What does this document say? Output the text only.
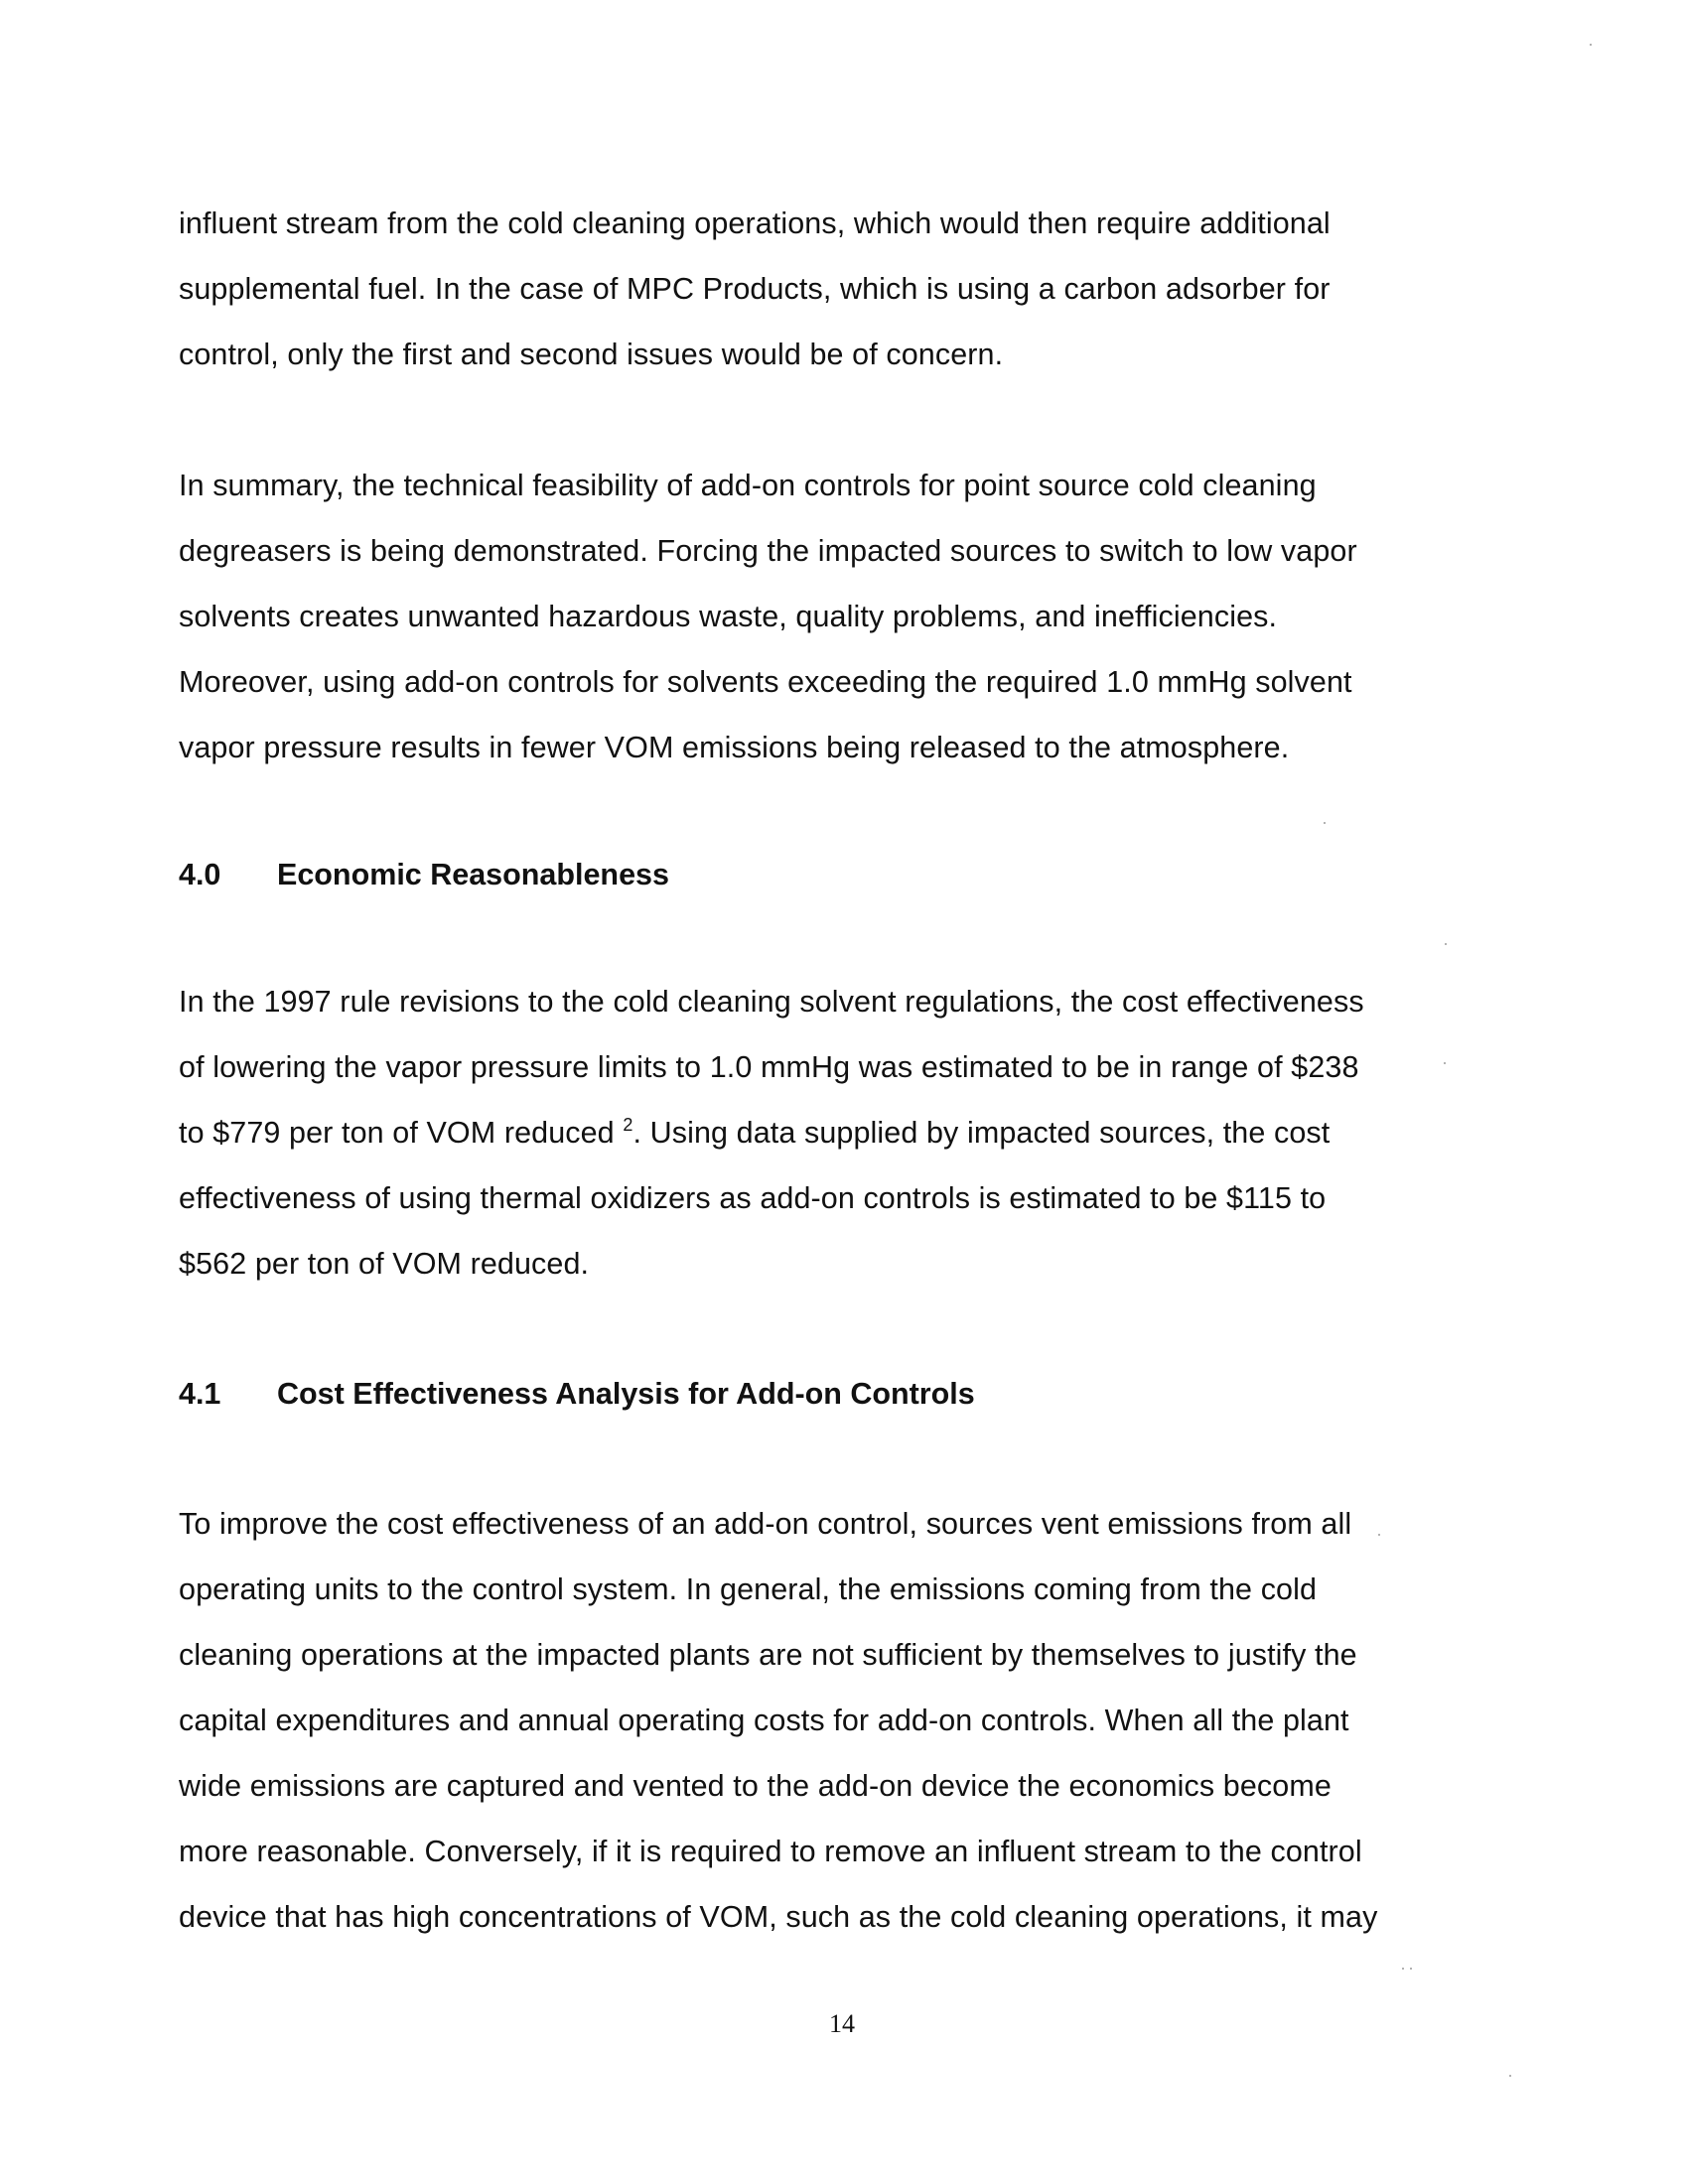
influent stream from the cold cleaning operations, which would then require additional
supplemental fuel. In the case of MPC Products, which is using a carbon adsorber for
control, only the first and second issues would be of concern.
In summary, the technical feasibility of add-on controls for point source cold cleaning
degreasers is being demonstrated. Forcing the impacted sources to switch to low vapor
solvents creates unwanted hazardous waste, quality problems, and inefficiencies.
Moreover, using add-on controls for solvents exceeding the required 1.0 mmHg solvent
vapor pressure results in fewer VOM emissions being released to the atmosphere.
4.0 Economic Reasonableness
In the 1997 rule revisions to the cold cleaning solvent regulations, the cost effectiveness
of lowering the vapor pressure limits to 1.0 mmHg was estimated to be in range of $238
to $779 per ton of VOM reduced $^2$. Using data supplied by impacted sources, the cost
effectiveness of using thermal oxidizers as add-on controls is estimated to be $115 to
$562 per ton of VOM reduced.
4.1 Cost Effectiveness Analysis for Add-on Controls
To improve the cost effectiveness of an add-on control, sources vent emissions from all
operating units to the control system. In general, the emissions coming from the cold
cleaning operations at the impacted plants are not sufficient by themselves to justify the
capital expenditures and annual operating costs for add-on controls. When all the plant
wide emissions are captured and vented to the add-on device the economics become
more reasonable. Conversely, if it is required to remove an influent stream to the control
device that has high concentrations of VOM, such as the cold cleaning operations, it may
14
